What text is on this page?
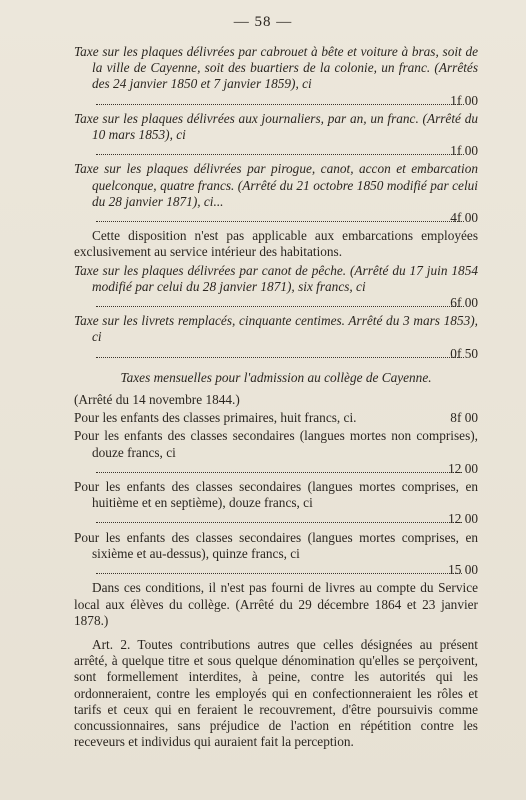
— 58 —
Taxe sur les plaques délivrées par cabrouet à bête et voiture à bras, soit de la ville de Cayenne, soit des buartiers de la colonie, un franc. (Arrêtés des 24 janvier 1850 et 7 janvier 1859), ci
1f 00
Taxe sur les plaques délivrées aux journaliers, par an, un franc. (Arrêté du 10 mars 1853), ci
1f 00
Taxe sur les plaques délivrées par pirogue, canot, accon et embarcation quelconque, quatre francs. (Arrêté du 21 octobre 1850 modifié par celui du 28 janvier 1871), ci...
4f 00
Cette disposition n'est pas applicable aux embarcations employées exclusivement au service intérieur des habitations.
Taxe sur les plaques délivrées par canot de pêche. (Arrêté du 17 juin 1854 modifié par celui du 28 janvier 1871), six francs, ci
6f 00
Taxe sur les livrets remplacés, cinquante centimes. Arrêté du 3 mars 1853), ci
0f 50
Taxes mensuelles pour l'admission au collège de Cayenne.
(Arrêté du 14 novembre 1844.)
Pour les enfants des classes primaires, huit francs, ci.	8f 00
Pour les enfants des classes secondaires (langues mortes non comprises), douze francs, ci
12 00
Pour les enfants des classes secondaires (langues mortes comprises, en huitième et en septième), douze francs, ci
12 00
Pour les enfants des classes secondaires (langues mortes comprises, en sixième et au-dessus), quinze francs, ci
15 00
Dans ces conditions, il n'est pas fourni de livres au compte du Service local aux élèves du collège. (Arrêté du 29 décembre 1864 et 23 janvier 1878.)
Art. 2. Toutes contributions autres que celles désignées au présent arrêté, à quelque titre et sous quelque dénomination qu'elles se perçoivent, sont formellement interdites, à peine, contre les autorités qui les ordonneraient, contre les employés qui en confectionneraient les rôles et tarifs et ceux qui en feraient le recouvrement, d'être poursuivis comme concussionnaires, sans préjudice de l'action en répétition contre les receveurs et individus qui auraient fait la perception.
